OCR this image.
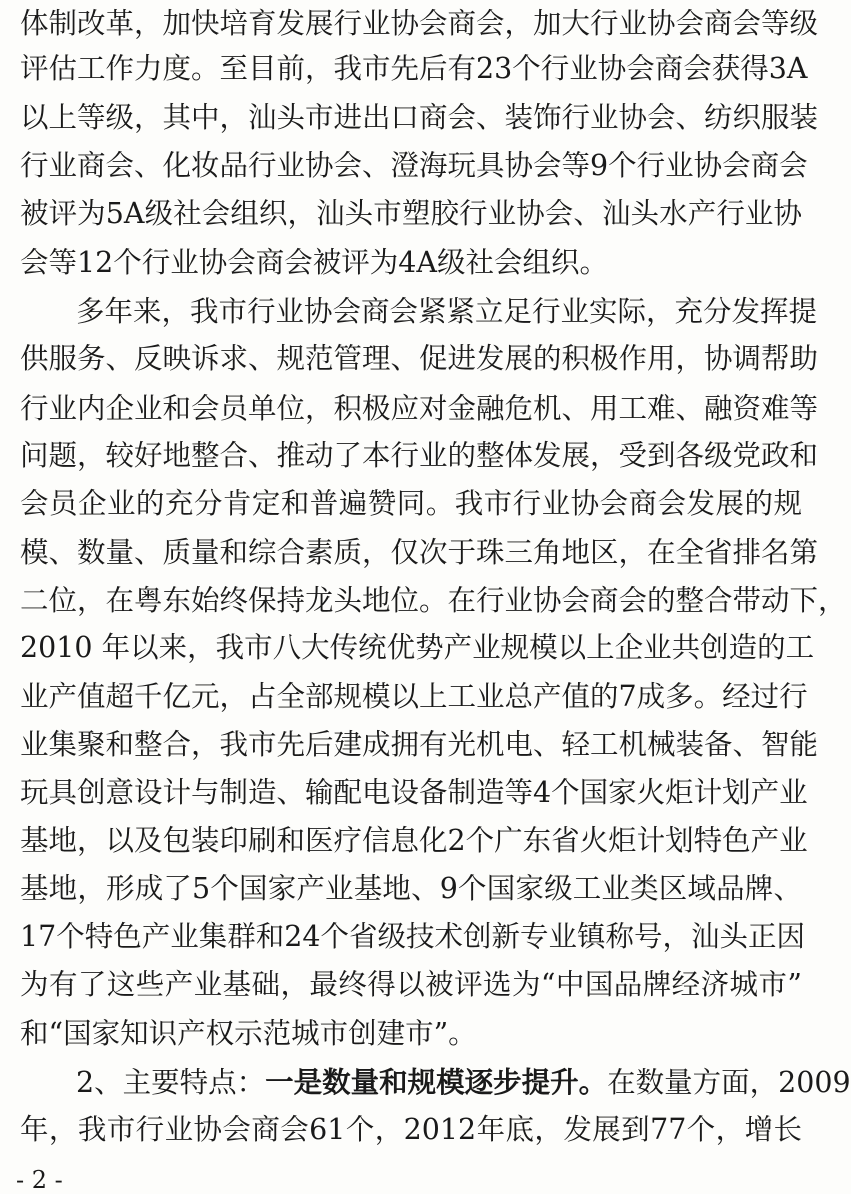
体制改革，加快培育发展行业协会商会，加大行业协会商会等级
评估工作力度。至目前，我市先后有23个行业协会商会获得3A
以上等级，其中，汕头市进出口商会、装饰行业协会、纺织服装
行业商会、化妆品行业协会、澄海玩具协会等9个行业协会商会
被评为5A级社会组织，汕头市塑胶行业协会、汕头水产行业协
会等12个行业协会商会被评为4A级社会组织。
多年来，我市行业协会商会紧紧立足行业实际，充分发挥提
供服务、反映诉求、规范管理、促进发展的积极作用，协调帮助
行业内企业和会员单位，积极应对金融危机、用工难、融资难等
问题，较好地整合、推动了本行业的整体发展，受到各级党政和
会员企业的充分肯定和普遍赞同。我市行业协会商会发展的规
模、数量、质量和综合素质，仅次于珠三角地区，在全省排名第
二位，在粤东始终保持龙头地位。在行业协会商会的整合带动下，
2010 年以来，我市八大传统优势产业规模以上企业共创造的工
业产值超千亿元，占全部规模以上工业总产值的7成多。经过行
业集聚和整合，我市先后建成拥有光机电、轻工机械装备、智能
玩具创意设计与制造、输配电设备制造等4个国家火炬计划产业
基地，以及包装印刷和医疗信息化2个广东省火炬计划特色产业
基地，形成了5个国家产业基地、9个国家级工业类区域品牌、
17个特色产业集群和24个省级技术创新专业镇称号，汕头正因
为有了这些产业基础，最终得以被评选为“中国品牌经济城市”
和“国家知识产权示范城市创建市”。
2、主要特点：一是数量和规模逐步提升。在数量方面，2009
年，我市行业协会商会61个，2012年底，发展到77个，增长
- 2 -
